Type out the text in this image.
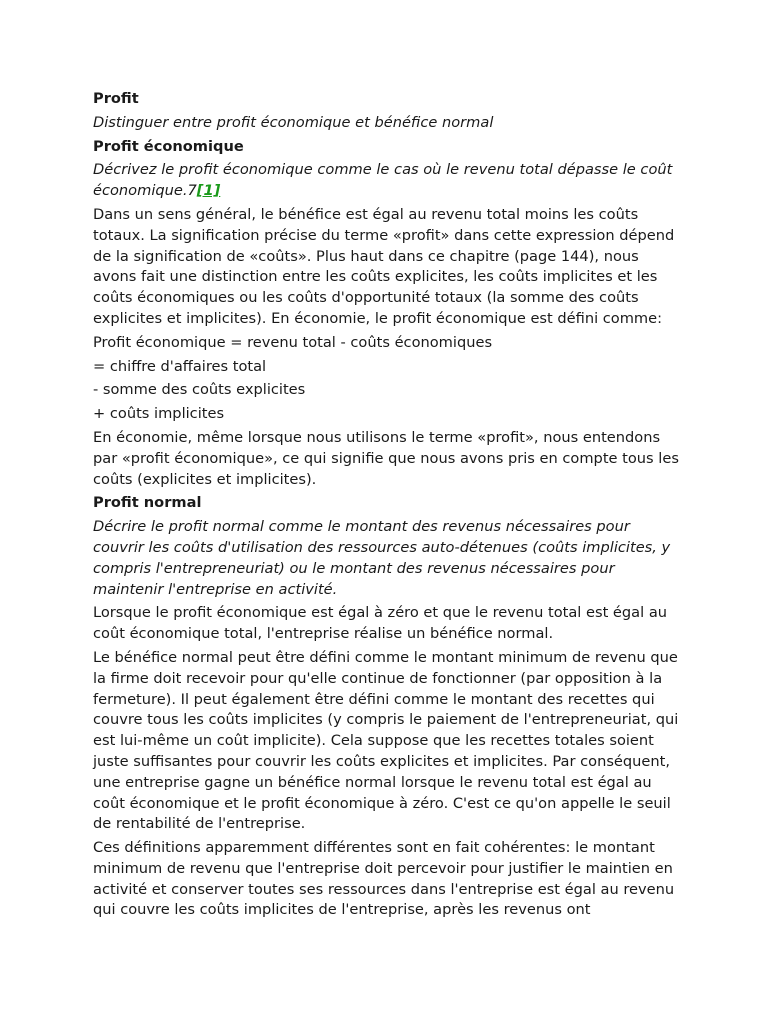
Profit
Distinguer entre profit économique et bénéfice normal
Profit économique
Décrivez le profit économique comme le cas où le revenu total dépasse le coût économique.7[1]
Dans un sens général, le bénéfice est égal au revenu total moins les coûts totaux. La signification précise du terme «profit» dans cette expression dépend de la signification de «coûts». Plus haut dans ce chapitre (page 144), nous avons fait une distinction entre les coûts explicites, les coûts implicites et les coûts économiques ou les coûts d'opportunité totaux (la somme des coûts explicites et implicites). En économie, le profit économique est défini comme:
Profit économique = revenu total - coûts économiques
= chiffre d'affaires total
- somme des coûts explicites
+ coûts implicites
En économie, même lorsque nous utilisons le terme «profit», nous entendons par «profit économique», ce qui signifie que nous avons pris en compte tous les coûts (explicites et implicites).
Profit normal
Décrire le profit normal comme le montant des revenus nécessaires pour couvrir les coûts d'utilisation des ressources auto-détenues (coûts implicites, y compris l'entrepreneuriat) ou le montant des revenus nécessaires pour maintenir l'entreprise en activité.
Lorsque le profit économique est égal à zéro et que le revenu total est égal au coût économique total, l'entreprise réalise un bénéfice normal.
Le bénéfice normal peut être défini comme le montant minimum de revenu que la firme doit recevoir pour qu'elle continue de fonctionner (par opposition à la fermeture). Il peut également être défini comme le montant des recettes qui couvre tous les coûts implicites (y compris le paiement de l'entrepreneuriat, qui est lui-même un coût implicite). Cela suppose que les recettes totales soient juste suffisantes pour couvrir les coûts explicites et implicites. Par conséquent, une entreprise gagne un bénéfice normal lorsque le revenu total est égal au coût économique et le profit économique à zéro. C'est ce qu'on appelle le seuil de rentabilité de l'entreprise.
Ces définitions apparemment différentes sont en fait cohérentes: le montant minimum de revenu que l'entreprise doit percevoir pour justifier le maintien en activité et conserver toutes ses ressources dans l'entreprise est égal au revenu qui couvre les coûts implicites de l'entreprise, après les revenus ont
